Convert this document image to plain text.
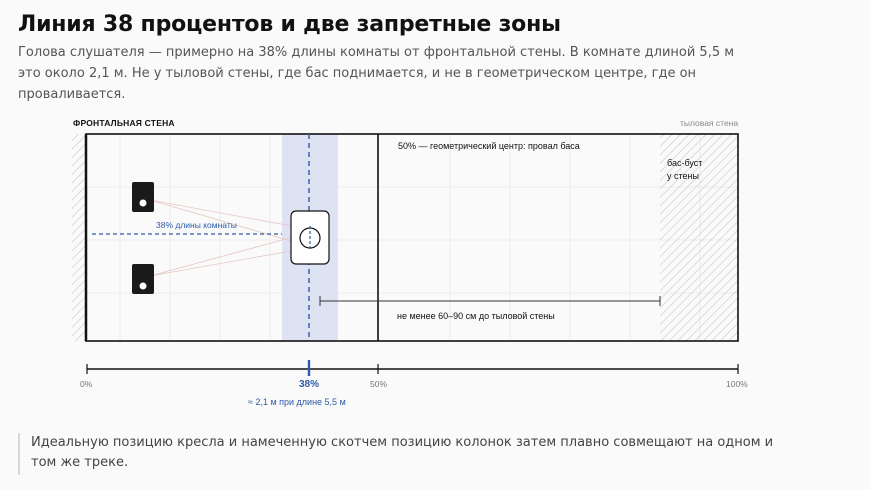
Линия 38 процентов и две запретные зоны
Голова слушателя — примерно на 38% длины комнаты от фронтальной стены. В комнате длиной 5,5 м это около 2,1 м. Не у тыловой стены, где бас поднимается, и не в геометрическом центре, где он проваливается.
ФРОНТАЛЬНАЯ СТЕНА	тыловая стена
38% длины комнаты
50% — геометрический центр: провал баса
бас-буст
у стены
не менее 60–90 см до тыловой стены
0%	50%	100%
38%
≈ 2,1 м при длине 5,5 м
Идеальную позицию кресла и намеченную скотчем позицию колонок затем плавно совмещают на одном и том же треке.
